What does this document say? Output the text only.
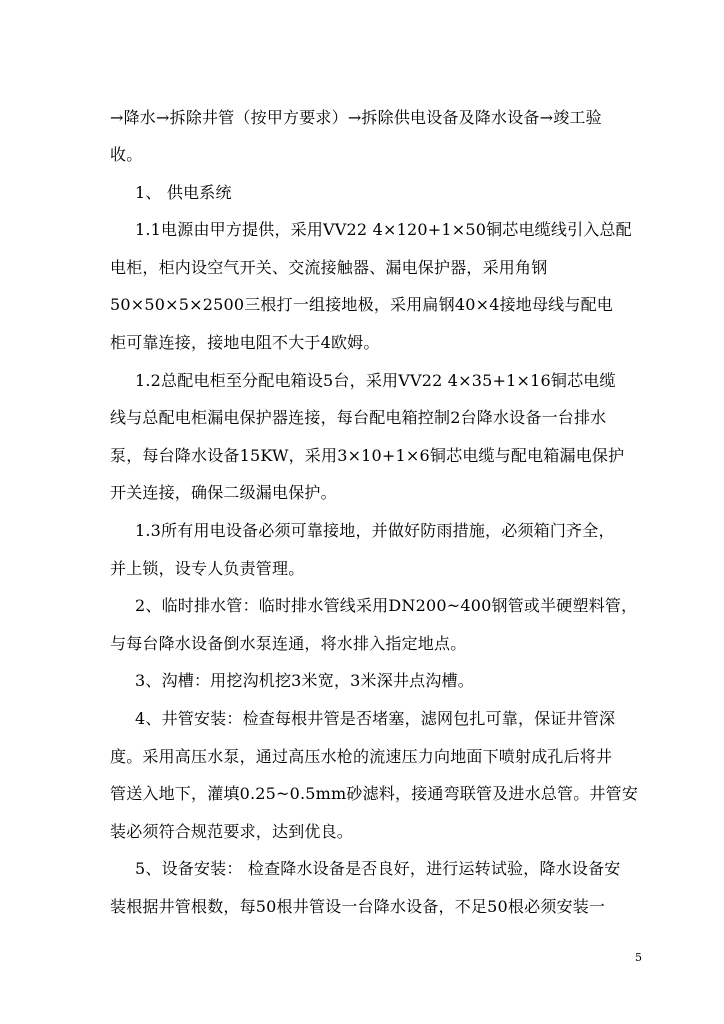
→降水→拆除井管（按甲方要求）→拆除供电设备及降水设备→竣工验
收。
1、 供电系统
1.1电源由甲方提供，采用VV22 4×120+1×50铜芯电缆线引入总配
电柜，柜内设空气开关、交流接触器、漏电保护器，采用角钢
50×50×5×2500三根打一组接地极，采用扁钢40×4接地母线与配电
柜可靠连接，接地电阻不大于4欧姆。
1.2总配电柜至分配电箱设5台，采用VV22 4×35+1×16铜芯电缆
线与总配电柜漏电保护器连接，每台配电箱控制2台降水设备一台排水
泵，每台降水设备15KW，采用3×10+1×6铜芯电缆与配电箱漏电保护
开关连接，确保二级漏电保护。
1.3所有用电设备必须可靠接地，并做好防雨措施，必须箱门齐全，
并上锁，设专人负责管理。
2、临时排水管：临时排水管线采用DN200~400钢管或半硬塑料管，
与每台降水设备倒水泵连通，将水排入指定地点。
3、沟槽：用挖沟机挖3米宽，3米深井点沟槽。
4、井管安装：检查每根井管是否堵塞，滤网包扎可靠，保证井管深
度。采用高压水泵，通过高压水枪的流速压力向地面下喷射成孔后将井
管送入地下，灌填0.25~0.5mm砂滤料，接通弯联管及进水总管。井管安
装必须符合规范要求，达到优良。
5、设备安装： 检查降水设备是否良好，进行运转试验，降水设备安
装根据井管根数，每50根井管设一台降水设备，不足50根必须安装一
5
